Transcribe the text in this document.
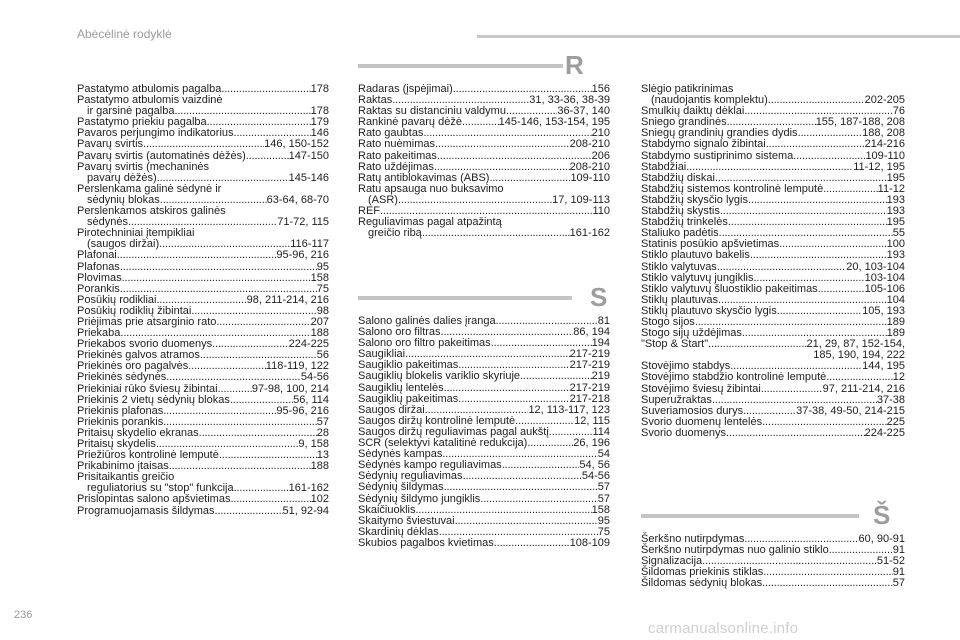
Abėcėlinė rodyklė
Pastatymo atbulomis pagalba . . .	178
Pastatymo atbulomis vaizdinė
ir garsinė pagalba . . .	178
Pastatymo priekiu pagalba . . .	179
Pavaros perjungimo indikatorius . . .	146
Pavarų svirtis . . .	146, 150-152
Pavarų svirtis (automatinės dėžės) . . .	147-150
Pavarų svirtis (mechaninės
pavarų dėžės) . . .	145-146
Perslenkama galinė sėdynė ir
sėdynių blokas . . .	63-64, 68-70
Perslenkamos atskiros galinės
sėdynės . . .	71-72, 115
Pirotechniniai įtempikliai
(saugos diržai) . . .	116-117
Plafonai . . .	95-96, 216
Plafonas . . .	95
Plovimas . . .	158
Porankis . . .	75
Posūkių rodikliai . . .	98, 211-214, 216
Posūkių rodiklių žibintai . . .	98
Priėjimas prie atsarginio rato . . .	207
Priekaba . . .	188
Priekabos svorio duomenys . . .	224-225
Priekinės galvos atramos . . .	56
Priekinės oro pagalvės . . .	118-119, 122
Priekinės sėdynės . . .	54-56
Priekiniai rūko šviesų žibintai . . .	97-98, 100, 214
Priekinis 2 vietų sėdynių blokas . . .	56, 114
Priekinis plafonas . . .	95-96, 216
Priekinis porankis . . .	57
Pritaisų skydelio ekranas . . .	28
Pritaisų skydelis . . .	9, 158
Priežiūros kontrolinė lemputė . . .	13
Prikabinimo įtaisas . . .	188
Prisitaikantis greičio
reguliatorius su "stop" funkcija . . .	161-162
Prislopintas salono apšvietimas . . .	102
Programuojamasis šildymas . . .	51, 92-94
R
Radaras (įspėjimai) . . .	156
Raktas . . .	31, 33-36, 38-39
Raktas su distanciniu valdymu . . .	36-37, 140
Rankinė pavarų dėžė . . .	145-146, 153-154, 195
Rato gaubtas . . .	210
Rato nuėmimas . . .	208-210
Rato pakeitimas . . .	206
Rato uždėjimas . . .	208-210
Ratų antiblokavimas (ABS) . . .	109-110
Ratu apsauga nuo buksavimo
(ASR) . . .	17, 109-113
REF . . .	110
Reguliavimas pagal atpažintą
greičio ribą . . .	161-162
S
Salono galinės dalies įranga . . .	81
Salono oro filtras . . .	86, 194
Salono oro filtro pakeitimas . . .	194
Saugikliai . . .	217-219
Saugiklio pakeitimas . . .	217-219
Saugiklių blokelis variklio skyriuje . . .	219
Saugiklių lentelės . . .	217-219
Saugiklių pakeitimas . . .	217-218
Saugos diržai . . .	12, 113-117, 123
Saugos diržų kontrolinė lemputė . . .	12, 115
Saugos diržų reguliavimas pagal aukštį . . .	114
SCR (selektyvi katalitinė redukcija) . . .	26, 196
Sėdynės kampas . . .	54
Sėdynės kampo reguliavimas . . .	54, 56
Sėdynių reguliavimas . . .	54-56
Sėdynių šildymas . . .	57
Sėdynių šildymo jungiklis . . .	57
Skaičiuoklis . . .	158
Skaitymo šviestuvai . . .	95
Skardinių dėklas . . .	75
Skubios pagalbos kvietimas . . .	108-109
Slėgio patikrinimas
(naudojantis komplektu) . . .	202-205
Smulkių daiktų dėklai . . .	76
Sniego grandinės . . .	155, 187-188, 208
Sniegų grandinių grandies dydis . . .	188, 208
Stabdymo signalo žibintai . . .	214-216
Stabdymo sustiprinimo sistema . . .	109-110
Stabdžiai . . .	11-12, 195
Stabdžių diskai . . .	195
Stabdžių sistemos kontrolinė lemputė . . .	11-12
Stabdžių skysčio lygis . . .	193
Stabdžių skystis . . .	193
Stabdžių trinkelės . . .	195
Staliuko padėtis . . .	55
Statinis posūkio apšvietimas . . .	100
Stiklo plautuvo bakelis . . .	193
Stiklo valytuvas . . .	20, 103-104
Stiklo valytuvų jungiklis . . .	103-104
Stiklo valytuvų šluostiklio pakeitimas . . .	105-106
Stiklų plautuvas . . .	104
Stiklų plautuvo skysčio lygis . . .	105, 193
Stogo sijos . . .	189
Stogo sijų uždėjimas . . .	189
"Stop & Start" . . .	21, 29, 87, 152-154,
185, 190, 194, 222
Stovėjimo stabdys . . .	144, 195
Stovėjimo stabdžio kontrolinė lemputė . . .	12
Stovėjimo šviesų žibintai . . .	97, 211-214, 216
Superužraktas . . .	37-38
Suveriamosios durys . . .	37-38, 49-50, 214-215
Svorio duomenų lentelės . . .	225
Svorio duomenys . . .	224-225
Š
Šerkšno nutirpdymas . . .	60, 90-91
Šerkšno nutirpdymas nuo galinio stiklo . . .	91
Signalizacija . . .	51-52
Šildomas priekinis stiklas . . .	91
Šildomas sėdynių blokas . . .	57
236
carmanualsonline.info
